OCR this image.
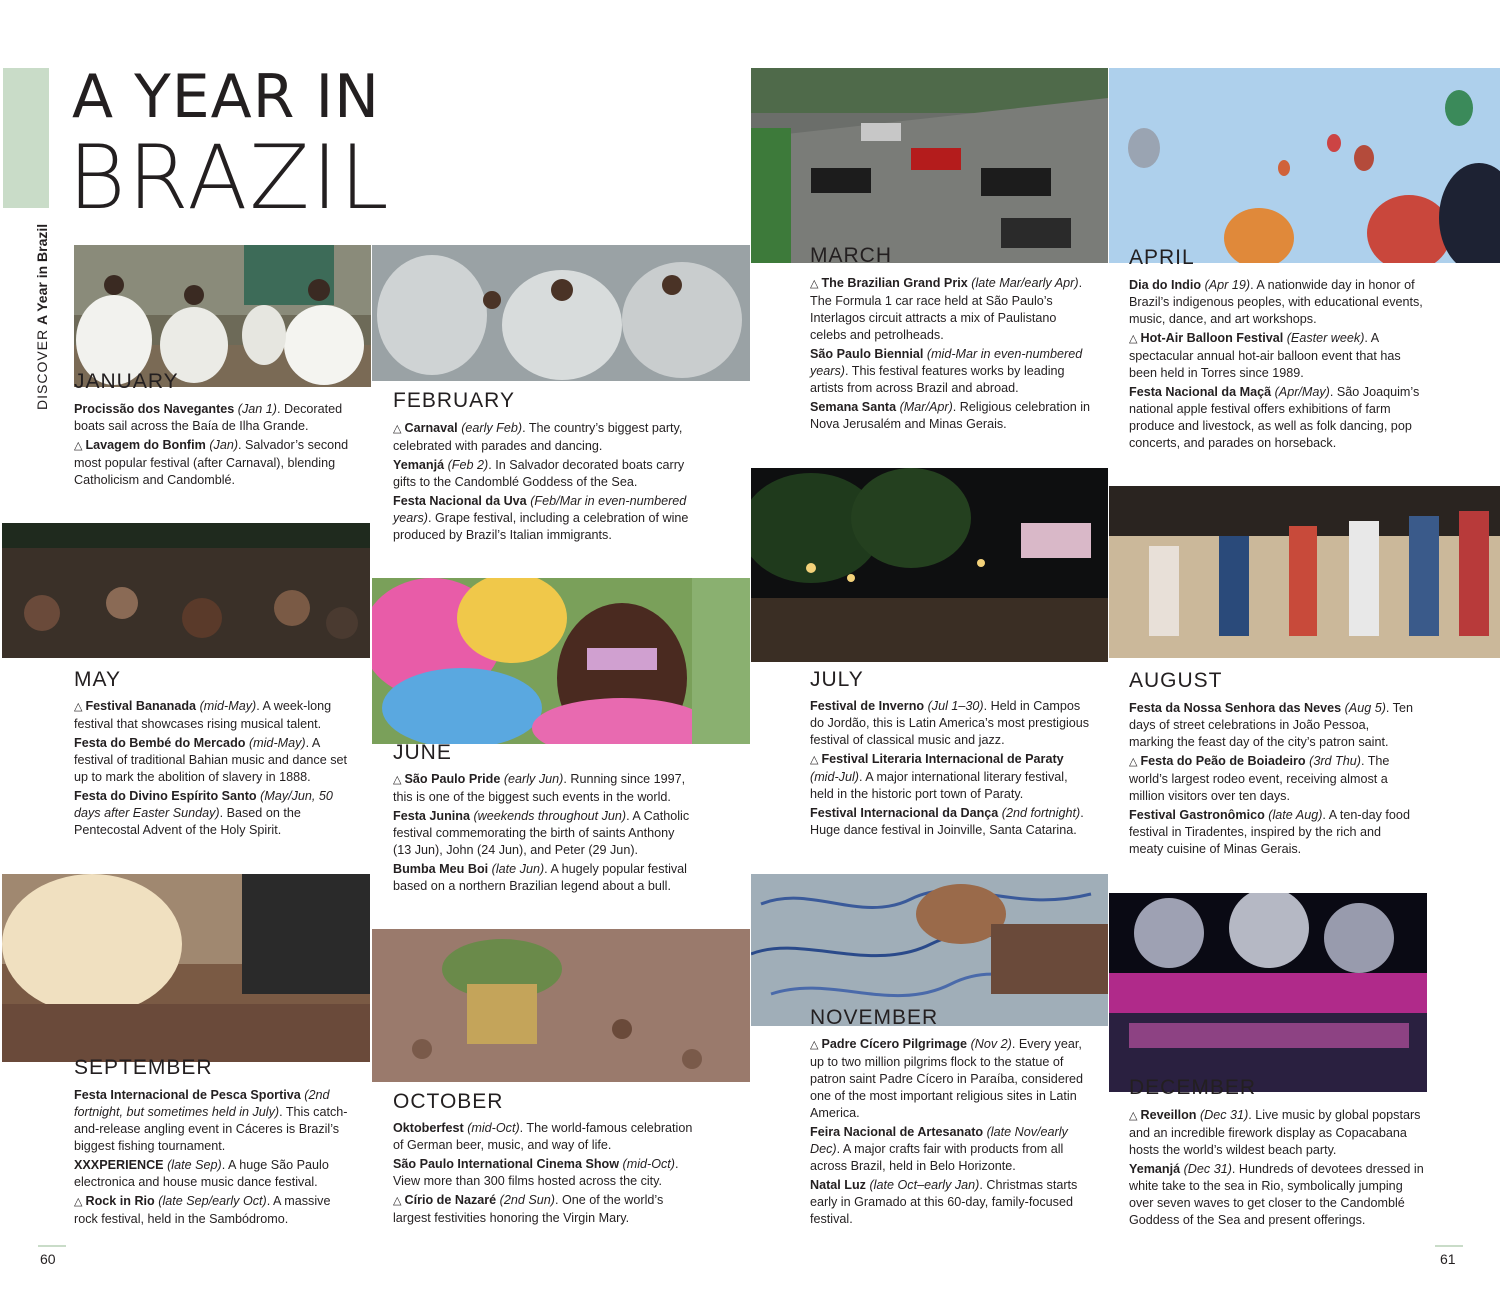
A YEAR IN
BRAZIL
DISCOVER A Year in Brazil
JANUARY

Procissão dos Navegantes (Jan 1). Decorated boats sail across the Baía de Ilha Grande.

△ Lavagem do Bonfim (Jan). Salvador’s second most popular festival (after Carnaval), blending Catholicism and Candomblé.

FEBRUARY

△ Carnaval (early Feb). The country’s biggest party, celebrated with parades and dancing.

Yemanjá (Feb 2). In Salvador decorated boats carry gifts to the Candomblé Goddess of the Sea.

Festa Nacional da Uva (Feb/Mar in even-numbered years). Grape festival, including a celebration of wine produced by Brazil’s Italian immigrants.

MARCH

△ The Brazilian Grand Prix (late Mar/early Apr). The Formula 1 car race held at São Paulo’s Interlagos circuit attracts a mix of Paulistano celebs and petrolheads.

São Paulo Biennial (mid-Mar in even-numbered years). This festival features works by leading artists from across Brazil and abroad.

Semana Santa (Mar/Apr). Religious celebration in Nova Jerusalém and Minas Gerais.

APRIL

Dia do Indio (Apr 19). A nationwide day in honor of Brazil’s indigenous peoples, with educational events, music, dance, and art workshops.

△ Hot-Air Balloon Festival (Easter week). A spectacular annual hot-air balloon event that has been held in Torres since 1989.

Festa Nacional da Maçã (Apr/May). São Joaquim’s national apple festival offers exhibitions of farm produce and livestock, as well as folk dancing, pop concerts, and parades on horseback.

MAY

△ Festival Bananada (mid-May). A week-long festival that showcases rising musical talent.

Festa do Bembé do Mercado (mid-May). A festival of traditional Bahian music and dance set up to mark the abolition of slavery in 1888.

Festa do Divino Espírito Santo (May/Jun, 50 days after Easter Sunday). Based on the Pentecostal Advent of the Holy Spirit.

JUNE

△ São Paulo Pride (early Jun). Running since 1997, this is one of the biggest such events in the world.

Festa Junina (weekends throughout Jun). A Catholic festival commemorating the birth of saints Anthony (13 Jun), John (24 Jun), and Peter (29 Jun).

Bumba Meu Boi (late Jun). A hugely popular festival based on a northern Brazilian legend about a bull.

JULY

Festival de Inverno (Jul 1–30). Held in Campos do Jordão, this is Latin America’s most prestigious festival of classical music and jazz.

△ Festival Literaria Internacional de Paraty (mid-Jul). A major international literary festival, held in the historic port town of Paraty.

Festival Internacional da Dança (2nd fortnight). Huge dance festival in Joinville, Santa Catarina.

AUGUST

Festa da Nossa Senhora das Neves (Aug 5). Ten days of street celebrations in João Pessoa, marking the feast day of the city’s patron saint.

△ Festa do Peão de Boiadeiro (3rd Thu). The world’s largest rodeo event, receiving almost a million visitors over ten days.

Festival Gastronômico (late Aug). A ten-day food festival in Tiradentes, inspired by the rich and meaty cuisine of Minas Gerais.

SEPTEMBER

Festa Internacional de Pesca Sportiva (2nd fortnight, but sometimes held in July). This catch-and-release angling event in Cáceres is Brazil’s biggest fishing tournament.

XXXPERIENCE (late Sep). A huge São Paulo electronica and house music dance festival.

△ Rock in Rio (late Sep/early Oct). A massive rock festival, held in the Sambódromo.

OCTOBER

Oktoberfest (mid-Oct). The world-famous celebration of German beer, music, and way of life.

São Paulo International Cinema Show (mid-Oct). View more than 300 films hosted across the city.

△ Círio de Nazaré (2nd Sun). One of the world’s largest festivities honoring the Virgin Mary.

NOVEMBER

△ Padre Cícero Pilgrimage (Nov 2). Every year, up to two million pilgrims flock to the statue of patron saint Padre Cícero in Paraíba, considered one of the most important religious sites in Latin America.

Feira Nacional de Artesanato (late Nov/early Dec). A major crafts fair with products from all across Brazil, held in Belo Horizonte.

Natal Luz (late Oct–early Jan). Christmas starts early in Gramado at this 60-day, family-focused festival.

DECEMBER

△ Reveillon (Dec 31). Live music by global popstars and an incredible firework display as Copacabana hosts the world’s wildest beach party.

Yemanjá (Dec 31). Hundreds of devotees dressed in white take to the sea in Rio, symbolically jumping over seven waves to get closer to the Candomblé Goddess of the Sea and present offerings.

60	61
